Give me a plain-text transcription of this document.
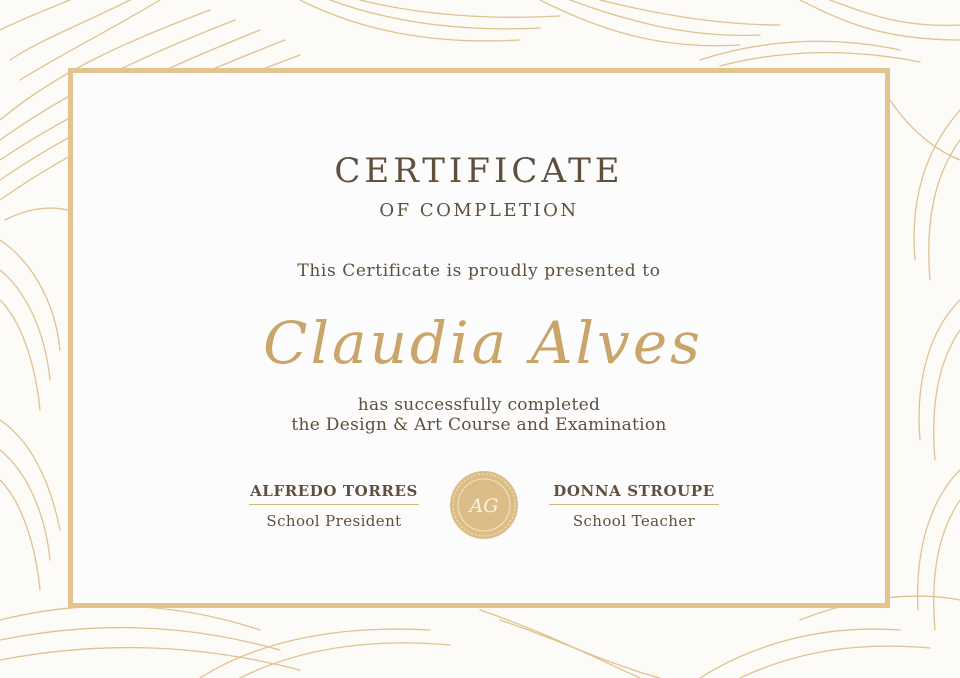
CERTIFICATE
OF COMPLETION
This Certificate is proudly presented to
Claudia Alves
has successfully completed
the Design & Art Course and Examination
ALFREDO TORRES
School President
AG
DONNA STROUPE
School Teacher
